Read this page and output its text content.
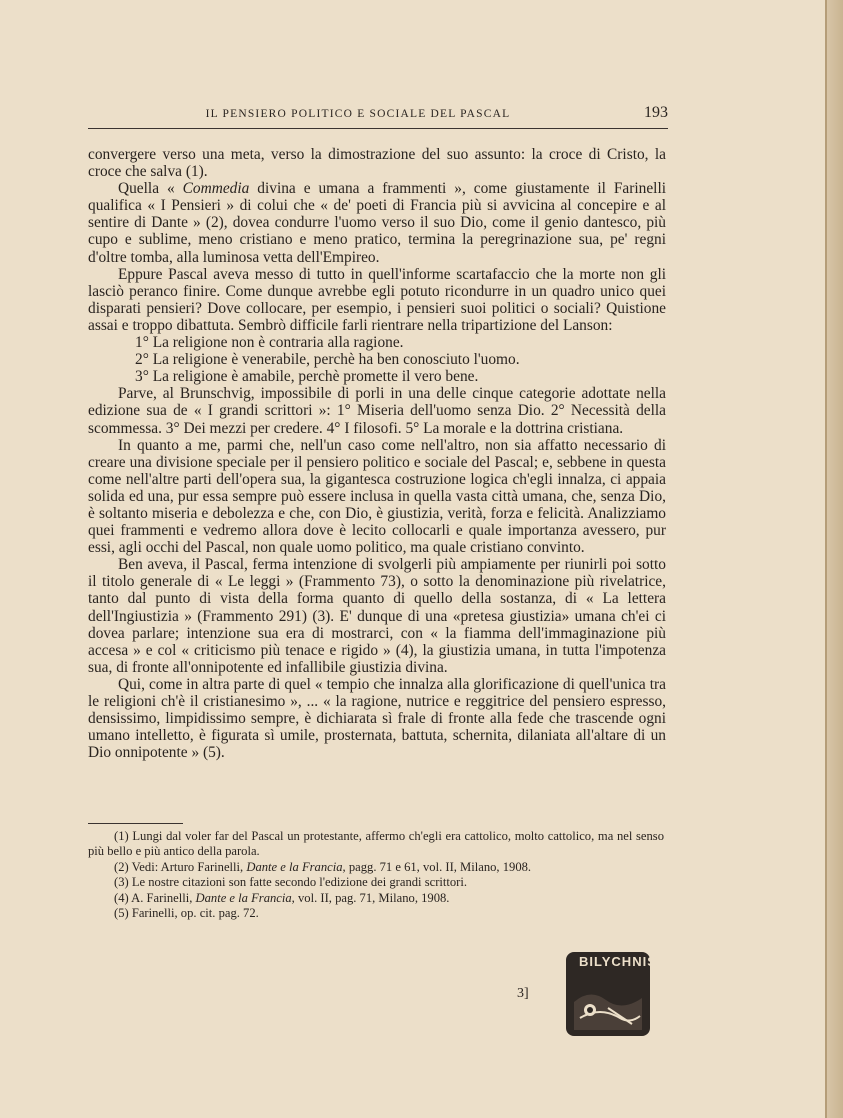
IL PENSIERO POLITICO E SOCIALE DEL PASCAL	193

convergere verso una meta, verso la dimostrazione del suo assunto: la croce di Cristo, la croce che salva (1).

Quella « Commedia divina e umana a frammenti », come giustamente il Farinelli qualifica « I Pensieri » di colui che « de' poeti di Francia più si avvicina al concepire e al sentire di Dante » (2), dovea condurre l'uomo verso il suo Dio, come il genio dantesco, più cupo e sublime, meno cristiano e meno pratico, termina la peregrinazione sua, pe' regni d'oltre tomba, alla luminosa vetta dell'Empireo.

Eppure Pascal aveva messo di tutto in quell'informe scartafaccio che la morte non gli lasciò peranco finire. Come dunque avrebbe egli potuto ricondurre in un quadro unico quei disparati pensieri? Dove collocare, per esempio, i pensieri suoi politici o sociali? Quistione assai e troppo dibattuta. Sembrò difficile farli rientrare nella tripartizione del Lanson:

1° La religione non è contraria alla ragione.

2° La religione è venerabile, perchè ha ben conosciuto l'uomo.

3° La religione è amabile, perchè promette il vero bene.

Parve, al Brunschvig, impossibile di porli in una delle cinque categorie adottate nella edizione sua de « I grandi scrittori »: 1° Miseria dell'uomo senza Dio. 2° Necessità della scommessa. 3° Dei mezzi per credere. 4° I filosofi. 5° La morale e la dottrina cristiana.

In quanto a me, parmi che, nell'un caso come nell'altro, non sia affatto necessario di creare una divisione speciale per il pensiero politico e sociale del Pascal; e, sebbene in questa come nell'altre parti dell'opera sua, la gigantesca costruzione logica ch'egli innalza, ci appaia solida ed una, pur essa sempre può essere inclusa in quella vasta città umana, che, senza Dio, è soltanto miseria e debolezza e che, con Dio, è giustizia, verità, forza e felicità. Analizziamo quei frammenti e vedremo allora dove è lecito collocarli e quale importanza avessero, pur essi, agli occhi del Pascal, non quale uomo politico, ma quale cristiano convinto.

Ben aveva, il Pascal, ferma intenzione di svolgerli più ampiamente per riunirli poi sotto il titolo generale di « Le leggi » (Frammento 73), o sotto la denominazione più rivelatrice, tanto dal punto di vista della forma quanto di quello della sostanza, di « La lettera dell'Ingiustizia » (Frammento 291) (3). E' dunque di una «pretesa giustizia» umana ch'ei ci dovea parlare; intenzione sua era di mostrarci, con « la fiamma dell'immaginazione più accesa » e col « criticismo più tenace e rigido » (4), la giustizia umana, in tutta l'impotenza sua, di fronte all'onnipotente ed infallibile giustizia divina.

Qui, come in altra parte di quel « tempio che innalza alla glorificazione di quell'unica tra le religioni ch'è il cristianesimo », ... « la ragione, nutrice e reggitrice del pensiero espresso, densissimo, limpidissimo sempre, è dichiarata sì frale di fronte alla fede che trascende ogni umano intelletto, è figurata sì umile, prosternata, battuta, schernita, dilaniata all'altare di un Dio onnipotente » (5).

(1) Lungi dal voler far del Pascal un protestante, affermo ch'egli era cattolico, molto cattolico, ma nel senso più bello e più antico della parola.

(2) Vedi: Arturo Farinelli, Dante e la Francia, pagg. 71 e 61, vol. II, Milano, 1908.

(3) Le nostre citazioni son fatte secondo l'edizione dei grandi scrittori.

(4) A. Farinelli, Dante e la Francia, vol. II, pag. 71, Milano, 1908.

(5) Farinelli, op. cit. pag. 72.

3]
BILYCHNIS
